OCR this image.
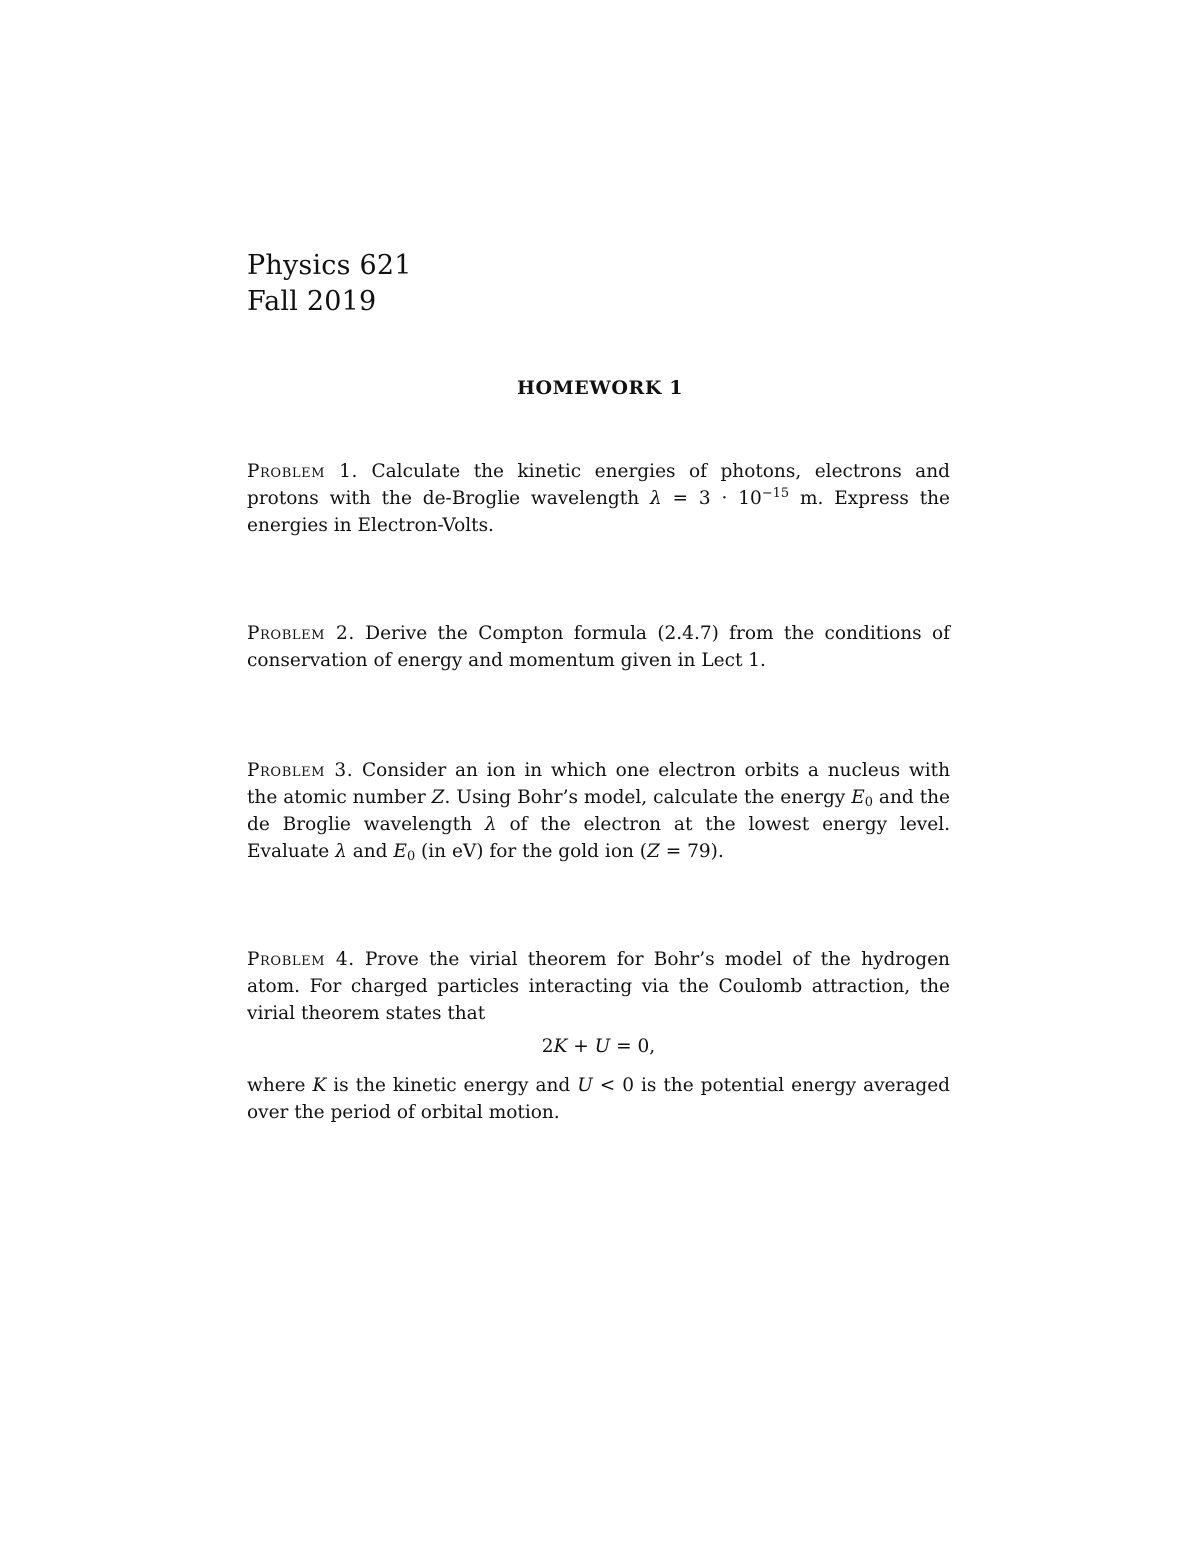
Physics 621
Fall 2019
HOMEWORK 1
Problem 1. Calculate the kinetic energies of photons, electrons and protons with the de-Broglie wavelength $\lambda = 3 \cdot 10^{-15}$ m. Express the energies in Electron-Volts.
Problem 2. Derive the Compton formula (2.4.7) from the conditions of conservation of energy and momentum given in Lect 1.
Problem 3. Consider an ion in which one electron orbits a nucleus with the atomic number Z. Using Bohr’s model, calculate the energy $E_0$ and the de Broglie wavelength λ of the electron at the lowest energy level. Evaluate λ and $E_0$ (in eV) for the gold ion (Z = 79).
Problem 4. Prove the virial theorem for Bohr’s model of the hydrogen atom. For charged particles interacting via the Coulomb attraction, the virial theorem states that
2K + U = 0,
where K is the kinetic energy and U < 0 is the potential energy averaged over the period of orbital motion.
